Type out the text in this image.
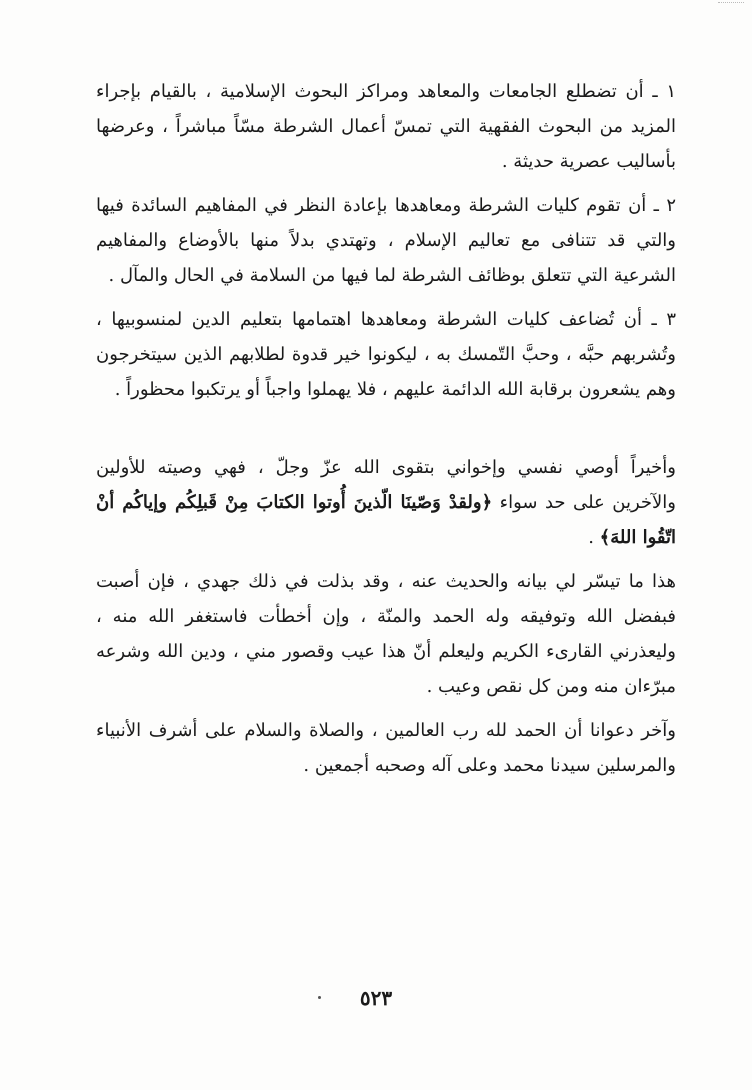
١ ـ أن تضطلع الجامعات والمعاهد ومراكز البحوث الإسلامية ، بالقيام بإجراء المزيد من البحوث الفقهية التي تمسّ أعمال الشرطة مسّاً مباشراً ، وعرضها بأساليب عصرية حديثة .

٢ ـ أن تقوم كليات الشرطة ومعاهدها بإعادة النظر في المفاهيم السائدة فيها والتي قد تتنافى مع تعاليم الإسلام ، وتهتدي بدلاً منها بالأوضاع والمفاهيم الشرعية التي تتعلق بوظائف الشرطة لما فيها من السلامة في الحال والمآل .

٣ ـ أن تُضاعف كليات الشرطة ومعاهدها اهتمامها بتعليم الدين لمنسوبيها ، وتُشربهم حبَّه ، وحبَّ التّمسك به ، ليكونوا خير قدوة لطلابهم الذين سيتخرجون وهم يشعرون برقابة الله الدائمة عليهم ، فلا يهملوا واجباً أو يرتكبوا محظوراً .

وأخيراً أوصي نفسي وإخواني بتقوى الله عزّ وجلّ ، فهي وصيته للأولين والآخرين على حد سواء ﴿ولقدْ وَصّينَا الّذينَ أُوتوا الكتابَ مِنْ قَبلِكُم وإياكُم أنْ اتّقُوا اللهَ﴾ .

هذا ما تيسّر لي بيانه والحديث عنه ، وقد بذلت في ذلك جهدي ، فإن أصبت فبفضل الله وتوفيقه وله الحمد والمنّة ، وإن أخطأت فاستغفر الله منه ، وليعذرني القارىء الكريم وليعلم أنّ هذا عيب وقصور مني ، ودين الله وشرعه مبرّءان منه ومن كل نقص وعيب .

وآخر دعوانا أن الحمد لله رب العالمين ، والصلاة والسلام على أشرف الأنبياء والمرسلين سيدنا محمد وعلى آله وصحبه أجمعين .

٥٢٣
